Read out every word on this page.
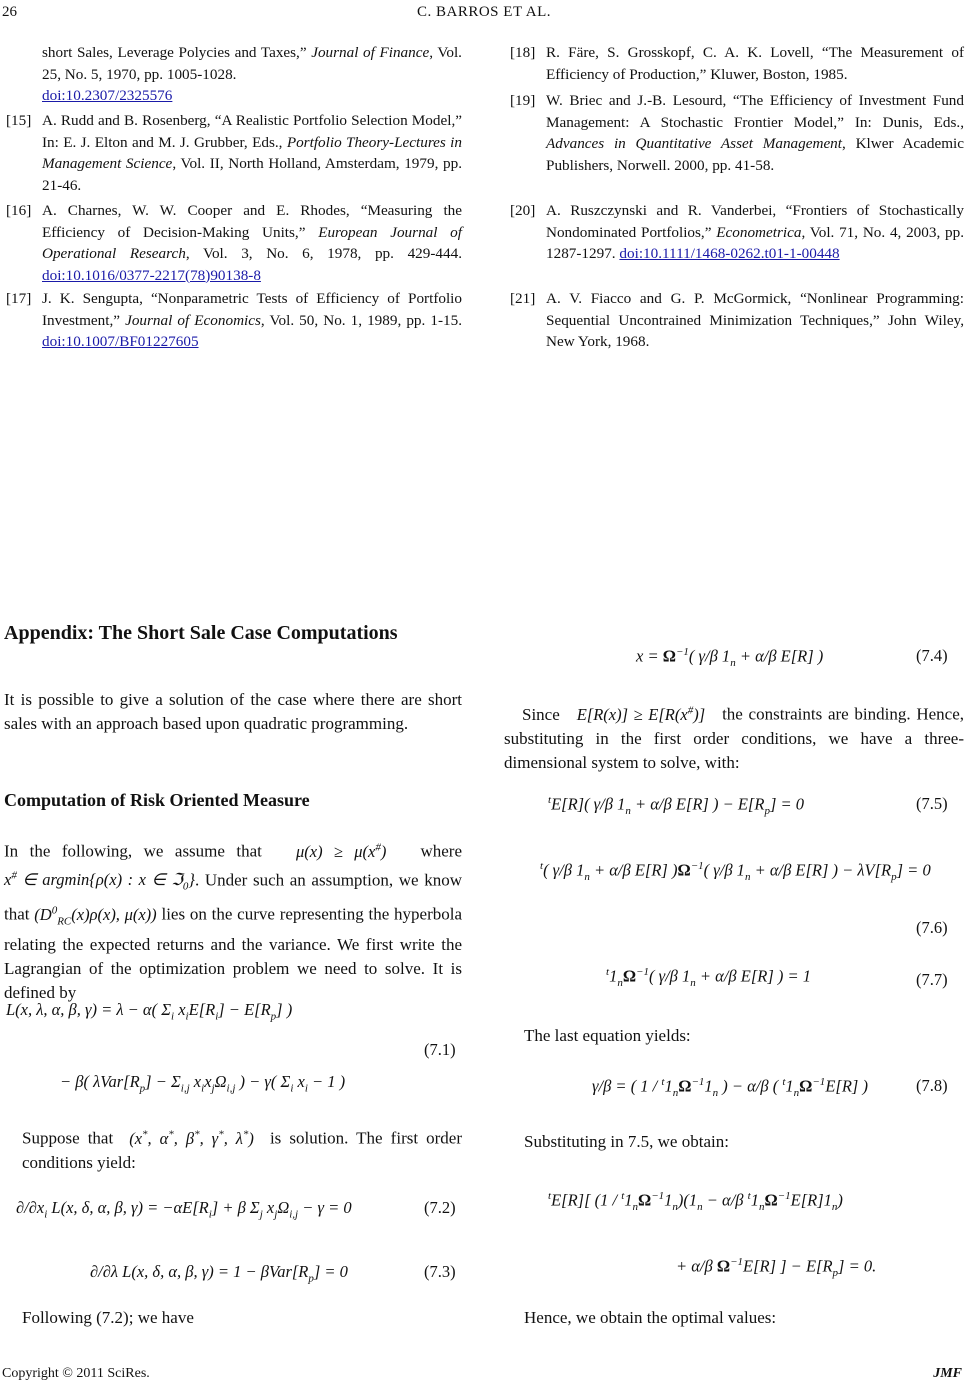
26	C. BARROS ET AL.
short Sales, Leverage Polycies and Taxes,” Journal of Finance, Vol. 25, No. 5, 1970, pp. 1005-1028.
doi:10.2307/2325576
[15] A. Rudd and B. Rosenberg, “A Realistic Portfolio Selection Model,” In: E. J. Elton and M. J. Grubber, Eds., Portfolio Theory-Lectures in Management Science, Vol. II, North Holland, Amsterdam, 1979, pp. 21-46.
[16] A. Charnes, W. W. Cooper and E. Rhodes, “Measuring the Efficiency of Decision-Making Units,” European Journal of Operational Research, Vol. 3, No. 6, 1978, pp. 429-444. doi:10.1016/0377-2217(78)90138-8
[17] J. K. Sengupta, “Nonparametric Tests of Efficiency of Portfolio Investment,” Journal of Economics, Vol. 50, No. 1, 1989, pp. 1-15. doi:10.1007/BF01227605
[18] R. Färe, S. Grosskopf, C. A. K. Lovell, “The Measurement of Efficiency of Production,” Kluwer, Boston, 1985.
[19] W. Briec and J.-B. Lesourd, “The Efficiency of Investment Fund Management: A Stochastic Frontier Model,” In: Dunis, Eds., Advances in Quantitative Asset Management, Klwer Academic Publishers, Norwell. 2000, pp. 41-58.
[20] A. Ruszczynski and R. Vanderbei, “Frontiers of Stochastically Nondominated Portfolios,” Econometrica, Vol. 71, No. 4, 2003, pp. 1287-1297. doi:10.1111/1468-0262.t01-1-00448
[21] A. V. Fiacco and G. P. McGormick, “Nonlinear Programming: Sequential Uncontrained Minimization Techniques,” John Wiley, New York, 1968.
Appendix: The Short Sale Case Computations
It is possible to give a solution of the case where there are short sales with an approach based upon quadratic programming.
Computation of Risk Oriented Measure
In the following, we assume that   μ(x) ≥ μ(x#)   where x# ∈ argmin{ρ(x) : x ∈ ℑ$_0$}. Under such an assumption, we know that ($D^0_{RC}(x)\rho(x)$, μ(x)) lies on the curve representing the hyperbola relating the expected returns and the variance. We first write the Lagrangian of the optimization problem we need to solve. It is defined by
L(x, λ, α, β, γ) = λ − α( $\Sigma_i$ $x_iE[R_i] - E[R_p]$ )
− β( $\lambda Var[R_p] - \Sigma_{i,j}$ $x_ix_j\Omega_{i,j}$ ) − γ( $\Sigma_i$ $x_i - 1$ )
(7.1)
Suppose that  (x*, α*, β*, γ*, λ*)  is solution. The first order conditions yield:
$\partial/\partial x_i$ L(x, δ, α, β, $\gamma) = -\alpha E[R_i] + \beta$ $\Sigma_j$ $x_j\Omega_{i,j} - \gamma = 0$	(7.2)
∂/∂λ L(x, δ, α, β, $\gamma) = 1 - \beta Var[R_p] = 0$	(7.3)
Following (7.2); we have
$x = \Omega^{-1}$( γ/β $1_n + \alpha/\beta$ E[R] )	(7.4)
Since   E[R(x)] ≥ E[R(x#)]   the constraints are binding. Hence, substituting in the first order conditions, we have a three-dimensional system to solve, with:
$^t$E[R]( γ/β $1_n + \alpha/\beta$ E[R] ) − $E[R_p] = 0$	(7.5)
$^t$( γ/β $1_n + \alpha/\beta$ E[R] )$\Omega^{-1}$( γ/β $1_n + \alpha/\beta$ E[R] ) − $\lambda V[R_p] = 0$
(7.6)
$^t1_n\Omega^{-1}$( γ/β $1_n + \alpha/\beta$ E[R] ) = 1	(7.7)
The last equation yields:
γ/β = ( $1 / ^t1_n\Omega^{-1}1_n$ ) − α/β ( $^t1_n\Omega^{-1}E[R]$ )	(7.8)
Substituting in 7.5, we obtain:
$^t$E[R][ $(1 / ^t1_n\Omega^{-1}1_n)(1_n - \alpha/\beta$ $^t1_n\Omega^{-1}E[R]1_n$)
+ α/β $\Omega^{-1}E[R]$ ] − $E[R_p] = 0$.
Hence, we obtain the optimal values:
Copyright © 2011 SciRes.	JMF
